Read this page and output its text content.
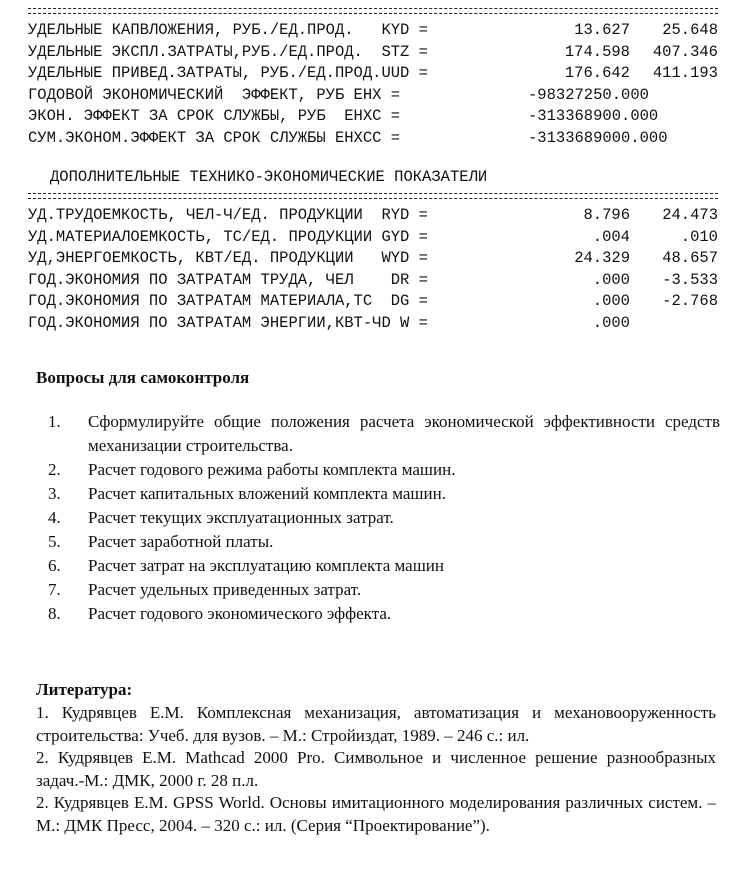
УДЕЛЬНЫЕ КАПВЛОЖЕНИЯ, РУБ./ЕД.ПРОД.   KYD =	13.627	25.648
УДЕЛЬНЫЕ ЭКСПЛ.ЗАТРАТЫ,РУБ./ЕД.ПРОД.  STZ =	174.598	407.346
УДЕЛЬНЫЕ ПРИВЕД.ЗАТРАТЫ, РУБ./ЕД.ПРОД.UUD =	176.642	411.193
ГОДОВОЙ ЭКОНОМИЧЕСКИЙ  ЭФФЕКТ, РУБ EHX =	-98327250.000
ЭКОН. ЭФФЕКТ ЗА СРОК СЛУЖБЫ, РУБ  EHXC =	-313368900.000
СУМ.ЭКОНОМ.ЭФФЕКТ ЗА СРОК СЛУЖБЫ EHXCC =	-3133689000.000
ДОПОЛНИТЕЛЬНЫЕ ТЕХНИКО-ЭКОНОМИЧЕСКИЕ ПОКАЗАТЕЛИ
УД.ТРУДОЕМКОСТЬ, ЧЕЛ-Ч/ЕД. ПРОДУКЦИИ  RYD =	8.796	24.473
УД.МАТЕРИАЛОЕМКОСТЬ, ТС/ЕД. ПРОДУКЦИИ GYD =	.004	.010
УД,ЭНЕРГОЕМКОСТЬ, КВТ/ЕД. ПРОДУКЦИИ   WYD =	24.329	48.657
ГОД.ЭКОНОМИЯ ПО ЗАТРАТАМ ТРУДА, ЧЕЛ    DR =	.000	-3.533
ГОД.ЭКОНОМИЯ ПО ЗАТРАТАМ МАТЕРИАЛА,ТС  DG =	.000	-2.768
ГОД.ЭКОНОМИЯ ПО ЗАТРАТАМ ЭНЕРГИИ,КВТ-ЧD W =	.000
Вопросы для самоконтроля
1.	Сформулируйте общие положения расчета экономической эффективности средств механизации строительства.
2.	Расчет годового режима работы комплекта машин.
3.	Расчет капитальных вложений комплекта машин.
4.	Расчет текущих эксплуатационных затрат.
5.	Расчет заработной платы.
6.	Расчет затрат на эксплуатацию комплекта машин
7.	Расчет удельных приведенных затрат.
8.	Расчет годового экономического эффекта.
Литература:

1. Кудрявцев Е.М. Комплексная механизация, автоматизация и механовооруженность строительства: Учеб. для вузов. – М.: Стройиздат, 1989. – 246 с.: ил.

2. Кудрявцев Е.М. Mathcad 2000 Pro. Символьное и численное решение разнообразных задач.-М.: ДМК, 2000 г. 28 п.л.

2. Кудрявцев Е.М. GPSS World. Основы имитационного моделирования различных систем. – М.: ДМК Пресс, 2004. – 320 с.: ил. (Серия “Проектирование”).
